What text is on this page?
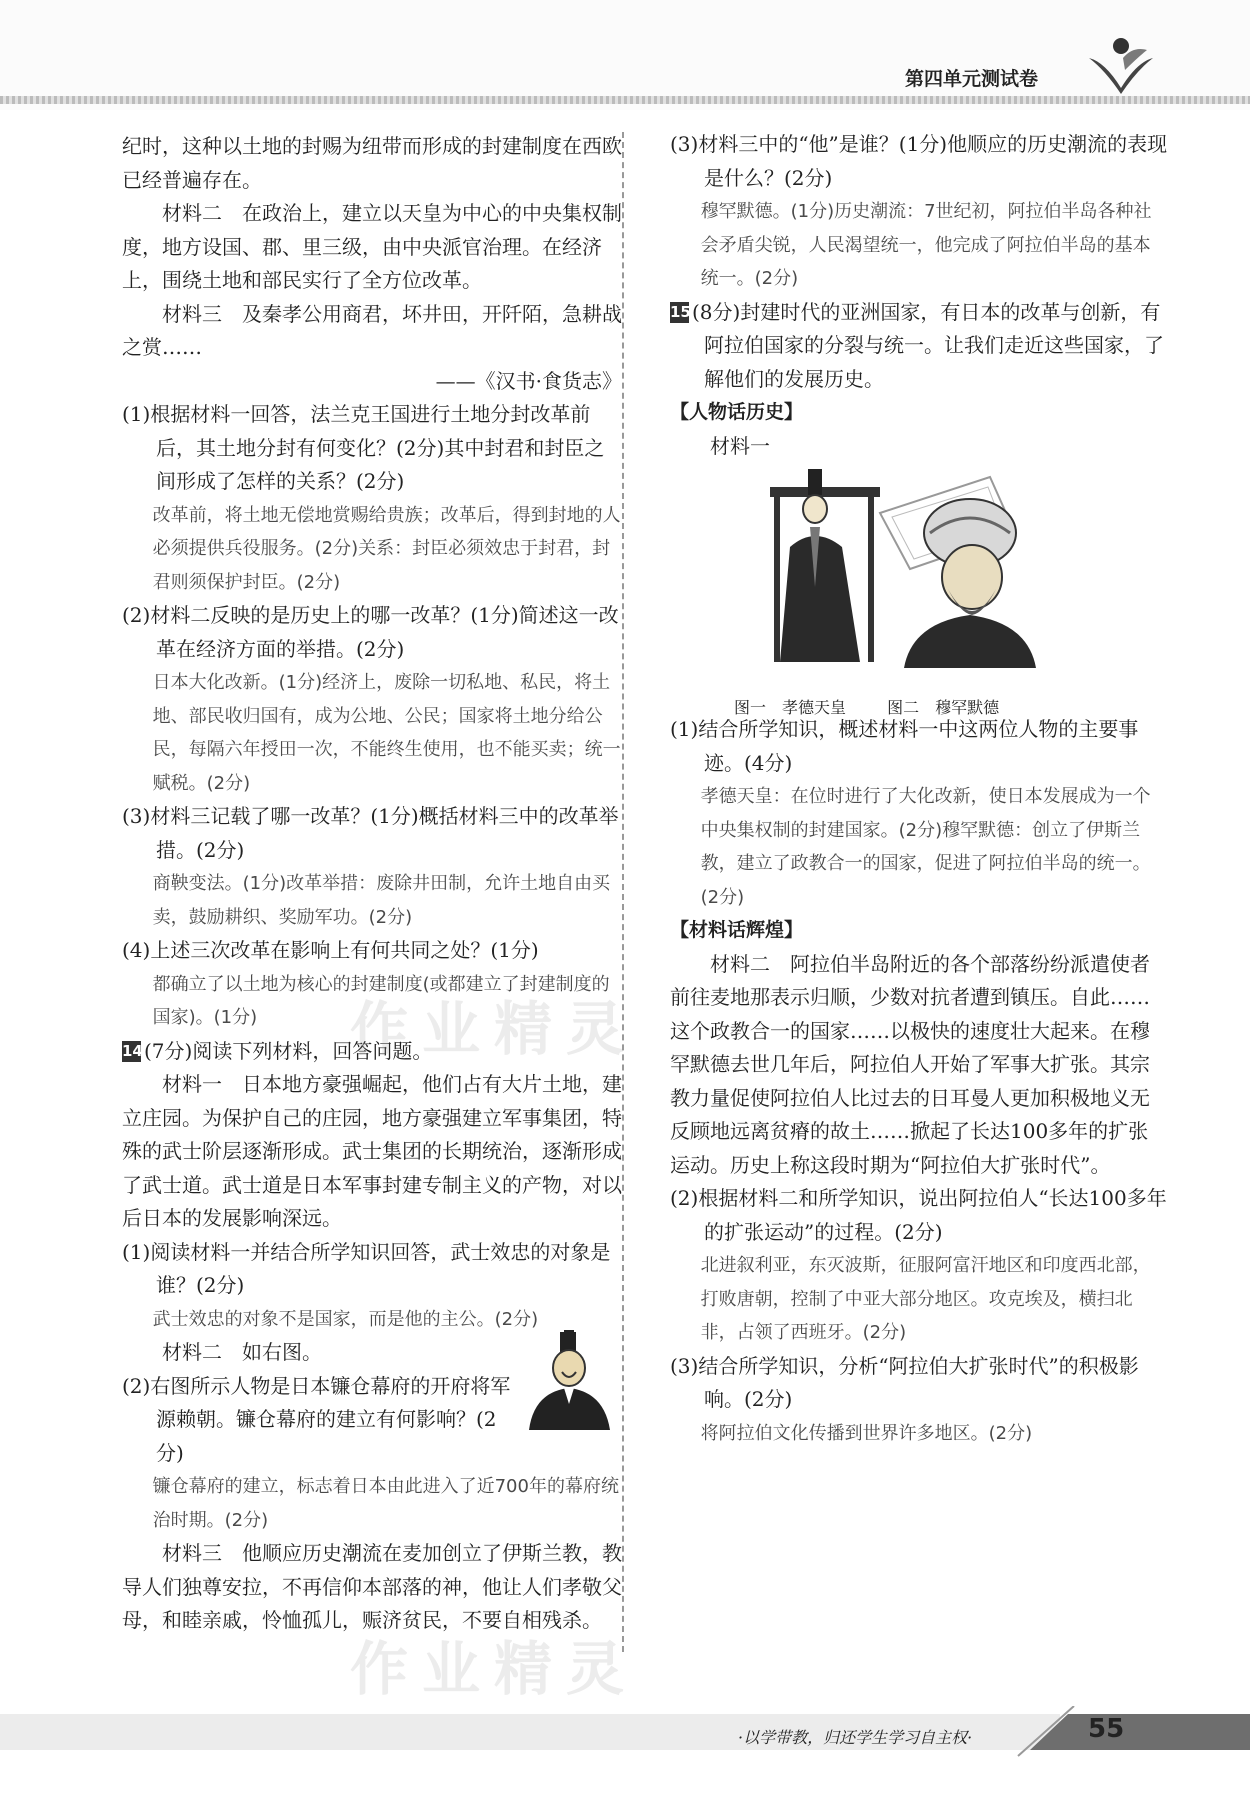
第四单元测试卷

纪时，这种以土地的封赐为纽带而形成的封建制度在西欧已经普遍存在。

材料二　在政治上，建立以天皇为中心的中央集权制度，地方设国、郡、里三级，由中央派官治理。在经济上，围绕土地和部民实行了全方位改革。

材料三　及秦孝公用商君，坏井田，开阡陌，急耕战之赏……

——《汉书·食货志》

(1)根据材料一回答，法兰克王国进行土地分封改革前后，其土地分封有何变化？(2分)其中封君和封臣之间形成了怎样的关系？(2分)

改革前，将土地无偿地赏赐给贵族；改革后，得到封地的人必须提供兵役服务。(2分)关系：封臣必须效忠于封君，封君则须保护封臣。(2分)

(2)材料二反映的是历史上的哪一改革？(1分)简述这一改革在经济方面的举措。(2分)

日本大化改新。(1分)经济上，废除一切私地、私民，将土地、部民收归国有，成为公地、公民；国家将土地分给公民，每隔六年授田一次，不能终生使用，也不能买卖；统一赋税。(2分)

(3)材料三记载了哪一改革？(1分)概括材料三中的改革举措。(2分)

商鞅变法。(1分)改革举措：废除井田制，允许土地自由买卖，鼓励耕织、奖励军功。(2分)

(4)上述三次改革在影响上有何共同之处？(1分)

都确立了以土地为核心的封建制度(或都建立了封建制度的国家)。(1分)

14(7分)阅读下列材料，回答问题。

材料一　日本地方豪强崛起，他们占有大片土地，建立庄园。为保护自己的庄园，地方豪强建立军事集团，特殊的武士阶层逐渐形成。武士集团的长期统治，逐渐形成了武士道。武士道是日本军事封建专制主义的产物，对以后日本的发展影响深远。

(1)阅读材料一并结合所学知识回答，武士效忠的对象是谁？(2分)

武士效忠的对象不是国家，而是他的主公。(2分)

材料二　如右图。

(2)右图所示人物是日本镰仓幕府的开府将军源赖朝。镰仓幕府的建立有何影响？(2分)

镰仓幕府的建立，标志着日本由此进入了近700年的幕府统治时期。(2分)

材料三　他顺应历史潮流在麦加创立了伊斯兰教，教导人们独尊安拉，不再信仰本部落的神，他让人们孝敬父母，和睦亲戚，怜恤孤儿，赈济贫民，不要自相残杀。

(3)材料三中的“他”是谁？(1分)他顺应的历史潮流的表现是什么？(2分)

穆罕默德。(1分)历史潮流：7世纪初，阿拉伯半岛各种社会矛盾尖锐，人民渴望统一，他完成了阿拉伯半岛的基本统一。(2分)

15(8分)封建时代的亚洲国家，有日本的改革与创新，有阿拉伯国家的分裂与统一。让我们走近这些国家，了解他们的发展历史。

【人物话历史】

材料一

图一　孝德天皇	图二　穆罕默德

(1)结合所学知识，概述材料一中这两位人物的主要事迹。(4分)

孝德天皇：在位时进行了大化改新，使日本发展成为一个中央集权制的封建国家。(2分)穆罕默德：创立了伊斯兰教，建立了政教合一的国家，促进了阿拉伯半岛的统一。(2分)

【材料话辉煌】

材料二　阿拉伯半岛附近的各个部落纷纷派遣使者前往麦地那表示归顺，少数对抗者遭到镇压。自此……这个政教合一的国家……以极快的速度壮大起来。在穆罕默德去世几年后，阿拉伯人开始了军事大扩张。其宗教力量促使阿拉伯人比过去的日耳曼人更加积极地义无反顾地远离贫瘠的故土……掀起了长达100多年的扩张运动。历史上称这段时期为“阿拉伯大扩张时代”。

(2)根据材料二和所学知识，说出阿拉伯人“长达100多年的扩张运动”的过程。(2分)

北进叙利亚，东灭波斯，征服阿富汗地区和印度西北部，打败唐朝，控制了中亚大部分地区。攻克埃及，横扫北非，占领了西班牙。(2分)

(3)结合所学知识，分析“阿拉伯大扩张时代”的积极影响。(2分)

将阿拉伯文化传播到世界许多地区。(2分)

作业精灵
作业精灵
·以学带教，归还学生学习自主权·	55
